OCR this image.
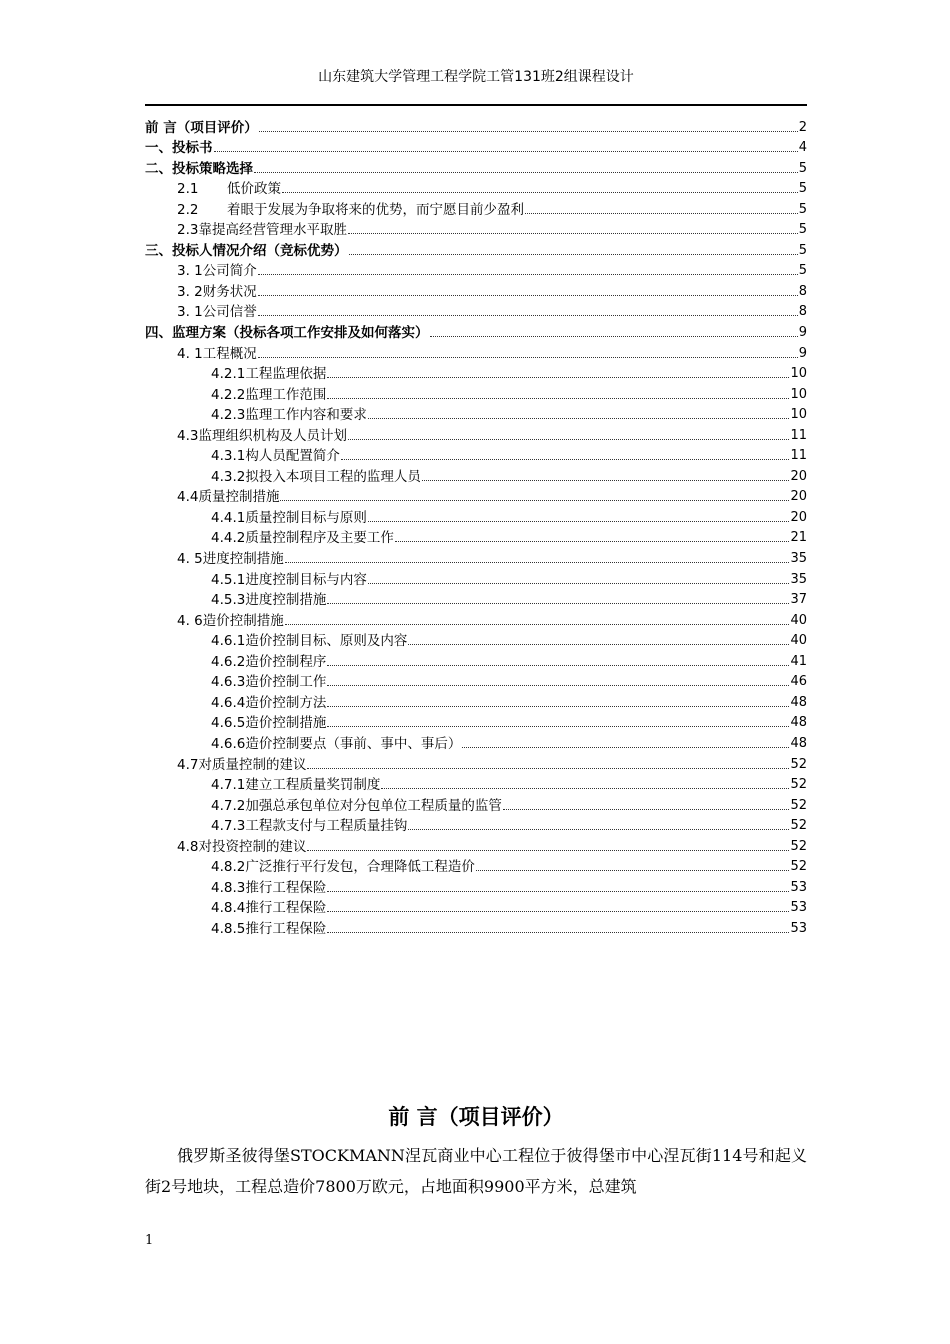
山东建筑大学管理工程学院工管131班2组课程设计
前 言（项目评价）	2
一、投标书	4
二、投标策略选择	5
2.1 低价政策	5
2.2 着眼于发展为争取将来的优势，而宁愿目前少盈利	5
2.3靠提高经营管理水平取胜	5
三、投标人情况介绍（竞标优势）	5
3. 1公司简介	5
3. 2财务状况	8
3. 1公司信誉	8
四、监理方案（投标各项工作安排及如何落实）	9
4. 1工程概况	9
4.2.1工程监理依据	10
4.2.2监理工作范围	10
4.2.3监理工作内容和要求	10
4.3监理组织机构及人员计划	11
4.3.1构人员配置简介	11
4.3.2拟投入本项目工程的监理人员	20
4.4质量控制措施	20
4.4.1质量控制目标与原则	20
4.4.2质量控制程序及主要工作	21
4. 5进度控制措施	35
4.5.1进度控制目标与内容	35
4.5.3进度控制措施	37
4. 6造价控制措施	40
4.6.1造价控制目标、原则及内容	40
4.6.2造价控制程序	41
4.6.3造价控制工作	46
4.6.4造价控制方法	48
4.6.5造价控制措施	48
4.6.6造价控制要点（事前、事中、事后）	48
4.7对质量控制的建议	52
4.7.1建立工程质量奖罚制度	52
4.7.2加强总承包单位对分包单位工程质量的监管	52
4.7.3工程款支付与工程质量挂钩	52
4.8对投资控制的建议	52
4.8.2广泛推行平行发包，合理降低工程造价	52
4.8.3推行工程保险	53
4.8.4推行工程保险	53
4.8.5推行工程保险	53
前 言（项目评价）
俄罗斯圣彼得堡STOCKMANN涅瓦商业中心工程位于彼得堡市中心涅瓦街114号和起义街2号地块，工程总造价7800万欧元，占地面积9900平方米，总建筑
1
